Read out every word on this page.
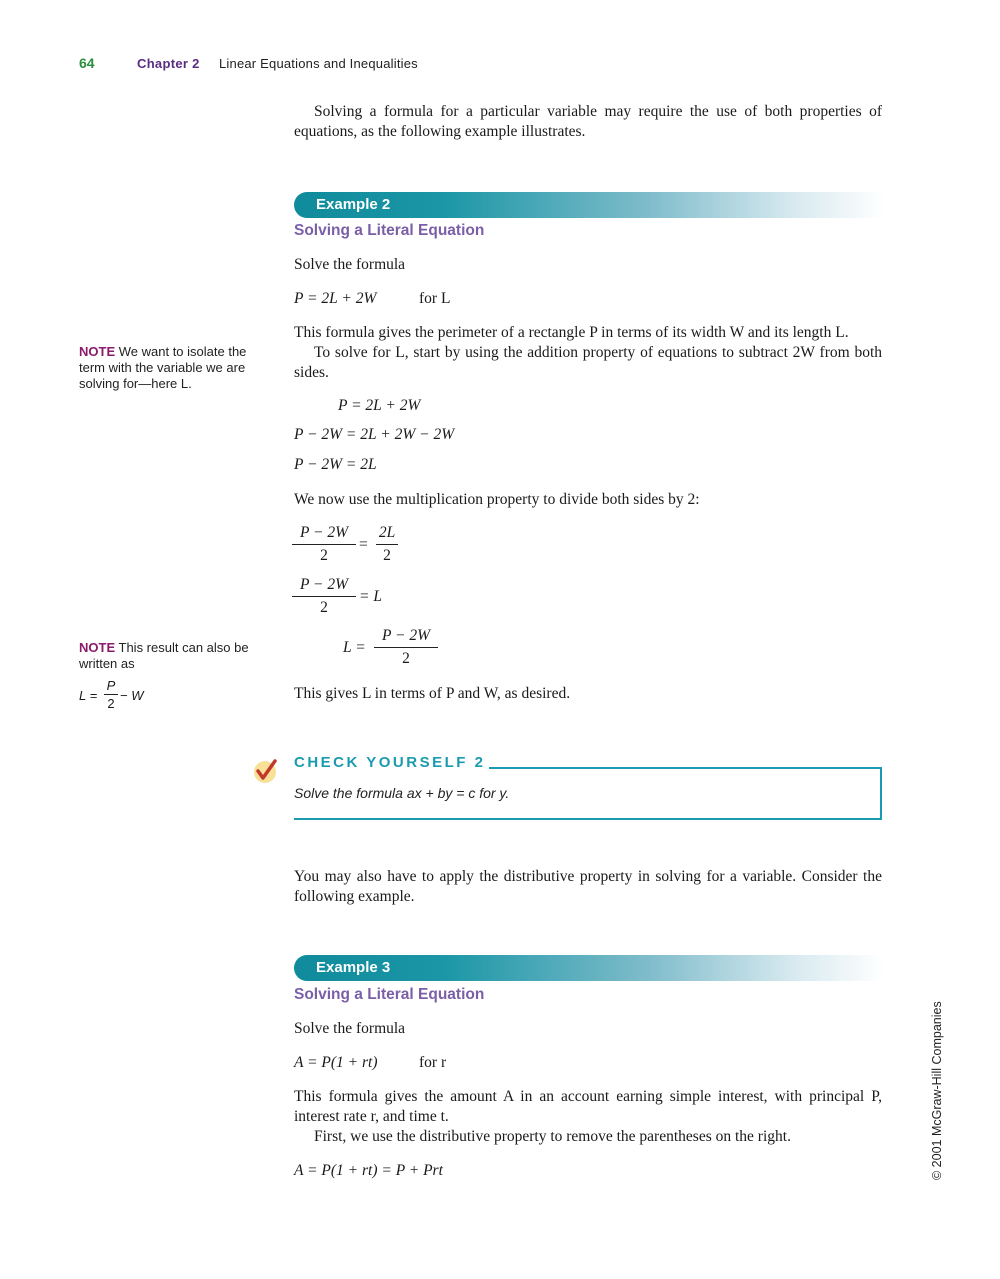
64	Chapter 2 Linear Equations and Inequalities
Solving a formula for a particular variable may require the use of both properties of equations, as the following example illustrates.
Example 2
Solving a Literal Equation
Solve the formula
P = 2L + 2W	for L
This formula gives the perimeter of a rectangle P in terms of its width W and its length L.
To solve for L, start by using the addition property of equations to subtract 2W from both sides.
P = 2L + 2W
P − 2W = 2L + 2W − 2W
P − 2W = 2L
We now use the multiplication property to divide both sides by 2:
P − 2W
2
=
2L
2
P − 2W
2
= L
L =
P − 2W
2
This gives L in terms of P and W, as desired.
NOTE We want to isolate the term with the variable we are solving for—here L.
NOTE This result can also be written as
L =
P
2
− W
CHECK YOURSELF 2
Solve the formula ax + by = c for y.
You may also have to apply the distributive property in solving for a variable. Consider the following example.
Example 3
Solving a Literal Equation
Solve the formula
A = P(1 + rt)	for r
This formula gives the amount A in an account earning simple interest, with principal P, interest rate r, and time t.
First, we use the distributive property to remove the parentheses on the right.
A = P(1 + rt) = P + Prt	© 2001 McGraw-Hill Companies
